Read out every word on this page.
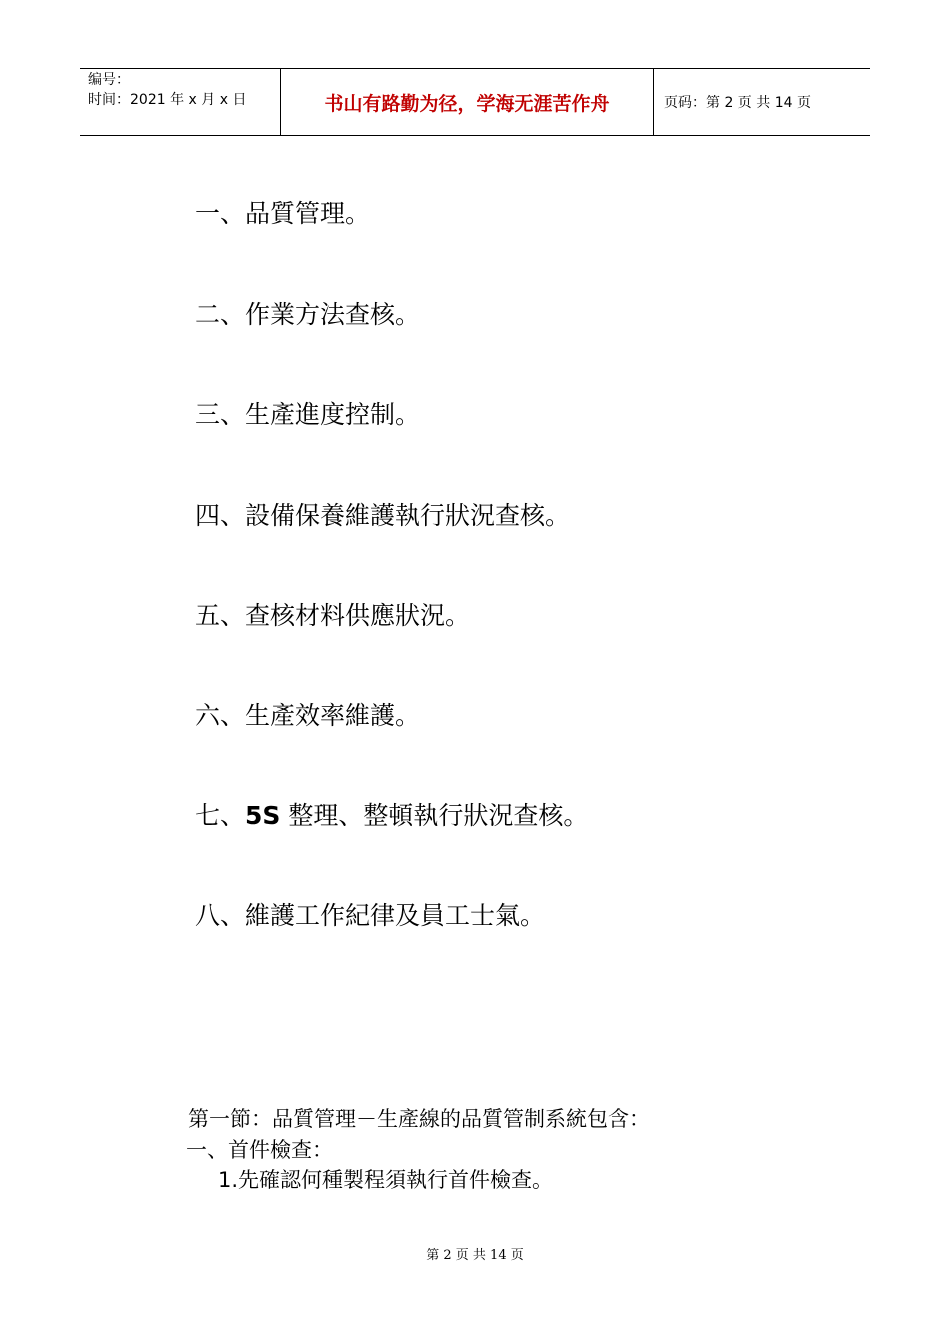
编号：
时间：2021 年 x 月 x 日	书山有路勤为径，学海无涯苦作舟	页码：第 2 页 共 14 页
一、品質管理。
二、作業方法查核。
三、生產進度控制。
四、設備保養維護執行狀況查核。
五、查核材料供應狀況。
六、生產效率維護。
七、5S 整理、整頓執行狀況查核。
八、維護工作紀律及員工士氣。
第一節：品質管理－生產線的品質管制系統包含：
一、首件檢查：
1.先確認何種製程須執行首件檢查。
第 2 页 共 14 页
